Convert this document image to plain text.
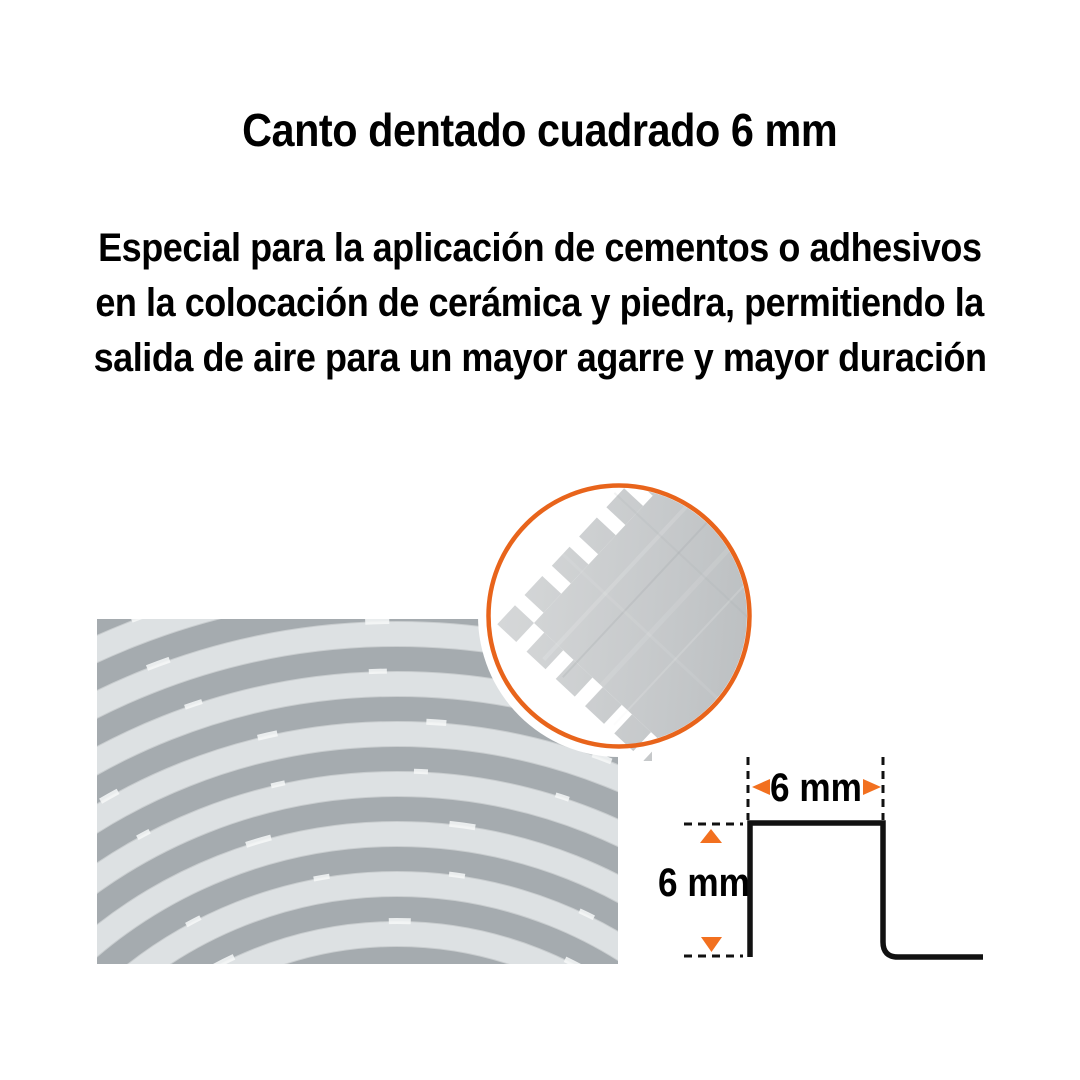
Canto dentado cuadrado 6 mm
Especial para la aplicación de cementos o adhesivos
en la colocación de cerámica y piedra, permitiendo la
salida de aire para un mayor agarre y mayor duración
6 mm
6 mm
